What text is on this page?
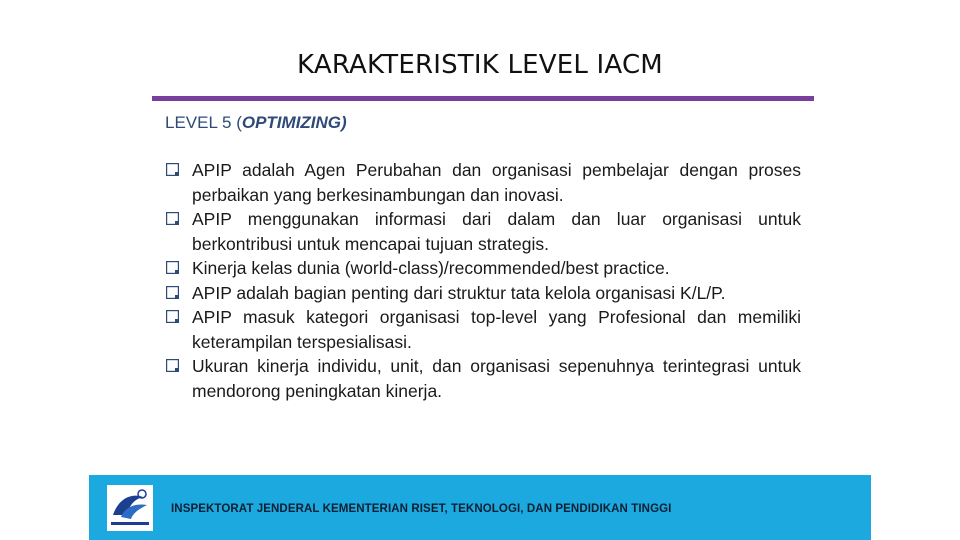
KARAKTERISTIK LEVEL IACM
LEVEL 5 (OPTIMIZING)
APIP adalah Agen Perubahan dan organisasi pembelajar dengan proses perbaikan yang berkesinambungan dan inovasi.
APIP menggunakan informasi dari dalam dan luar organisasi untuk berkontribusi untuk mencapai tujuan strategis.
Kinerja kelas dunia (world-class)/recommended/best practice.
APIP adalah bagian penting dari struktur tata kelola organisasi K/L/P.
APIP masuk kategori organisasi top-level yang Profesional dan memiliki keterampilan terspesialisasi.
Ukuran kinerja individu, unit, dan organisasi sepenuhnya terintegrasi untuk mendorong peningkatan kinerja.
INSPEKTORAT JENDERAL KEMENTERIAN RISET, TEKNOLOGI, DAN PENDIDIKAN TINGGI
